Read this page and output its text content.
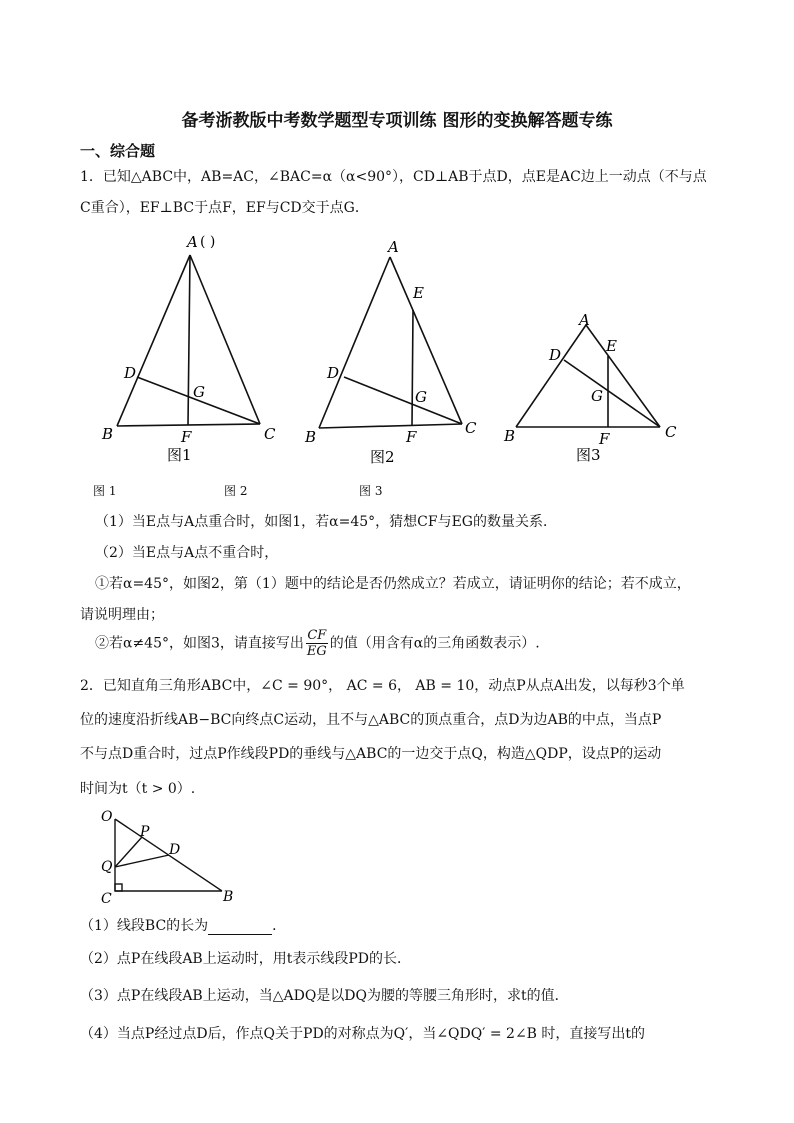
备考浙教版中考数学题型专项训练 图形的变换解答题专练
一、综合题
1．已知△ABC中，AB=AC，∠BAC=α（α<90°），CD⊥AB于点D，点E是AC边上一动点（不与点
C重合），EF⊥BC于点F，EF与CD交于点G．
A ( )
D
G
B	F	C
图1
A
E
D
G
B	F	C
图2
A
E
D
G
B	F	C
图3
图 1	图 2	图 3
（1）当E点与A点重合时，如图1，若α=45°，猜想CF与EG的数量关系．
（2）当E点与A点不重合时，
①若α=45°，如图2，第（1）题中的结论是否仍然成立？若成立，请证明你的结论；若不成立，
请说明理由；
②若α≠45°，如图3，请直接写出 $\frac{CF}{EG}$ 的值（用含有α的三角函数表示）.
2．已知直角三角形ABC中，∠C = 90°， AC = 6， AB = 10，动点P从点A出发，以每秒3个单
位的速度沿折线AB−BC向终点C运动，且不与△ABC的顶点重合，点D为边AB的中点，当点P
不与点D重合时，过点P作线段PD的垂线与△ABC的一边交于点Q，构造△QDP，设点P的运动
时间为t（t > 0）.
O
P
D
Q
C	B
（1）线段BC的长为	．
（2）点P在线段AB上运动时，用t表示线段PD的长．
（3）点P在线段AB上运动，当△ADQ是以DQ为腰的等腰三角形时，求t的值．
（4）当点P经过点D后，作点Q关于PD的对称点为Q′，当∠QDQ′ = 2∠B 时，直接写出t的
